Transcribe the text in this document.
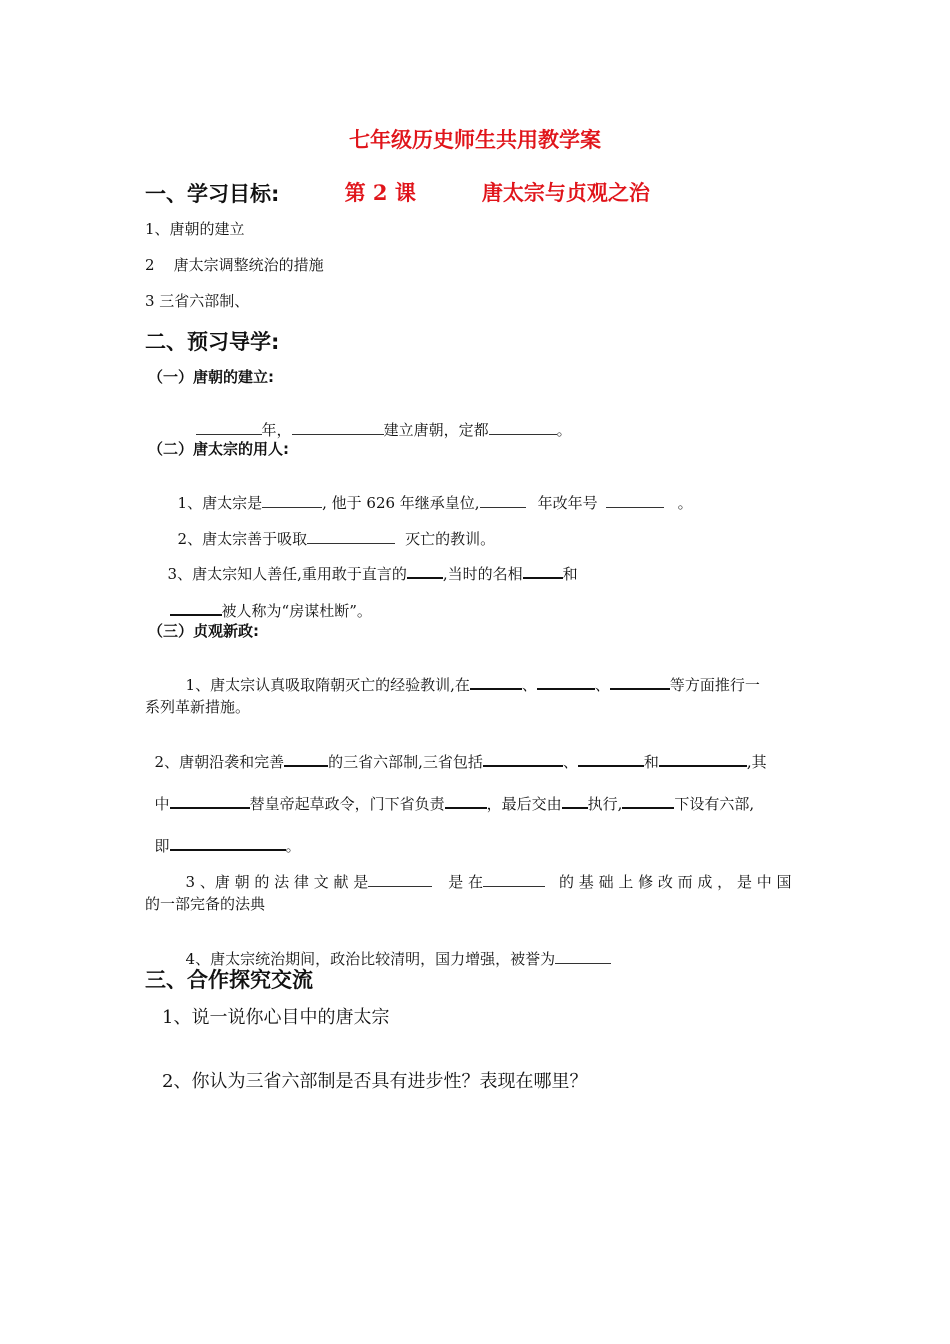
七年级历史师生共用教学案

第 2 课	唐太宗与贞观之治

一、学习目标:
1、唐朝的建立
2    唐太宗调整统治的措施
3 三省六部制、
二、预习导学:
（一）唐朝的建立:

年，	建立唐朝，定都	。

（二）唐太宗的用人:

1、唐太宗是	, 他于 626 年继承皇位,	年改年号	。

2、唐太宗善于吸取	灭亡的教训。

3、唐太宗知人善任,重用敢于直言的 ,当时的名相	和

被人称为“房谋杜断”。

（三）贞观新政:

1、唐太宗认真吸取隋朝灭亡的经验教训,在	、	、	等方面推行一

系列革新措施。

2、唐朝沿袭和完善	的三省六部制,三省包括	、	和	,其

中	替皇帝起草政令，门下省负责	，最后交由 执行,	下设有六部,

即	。

3 、唐 朝 的 法 律 文 献 是	是 在	的 基 础 上 修 改 而 成 ， 是 中 国

的一部完备的法典

4、唐太宗统治期间，政治比较清明，国力增强，被誉为

三、合作探究交流
1、说一说你心目中的唐太宗
2、你认为三省六部制是否具有进步性？表现在哪里？
